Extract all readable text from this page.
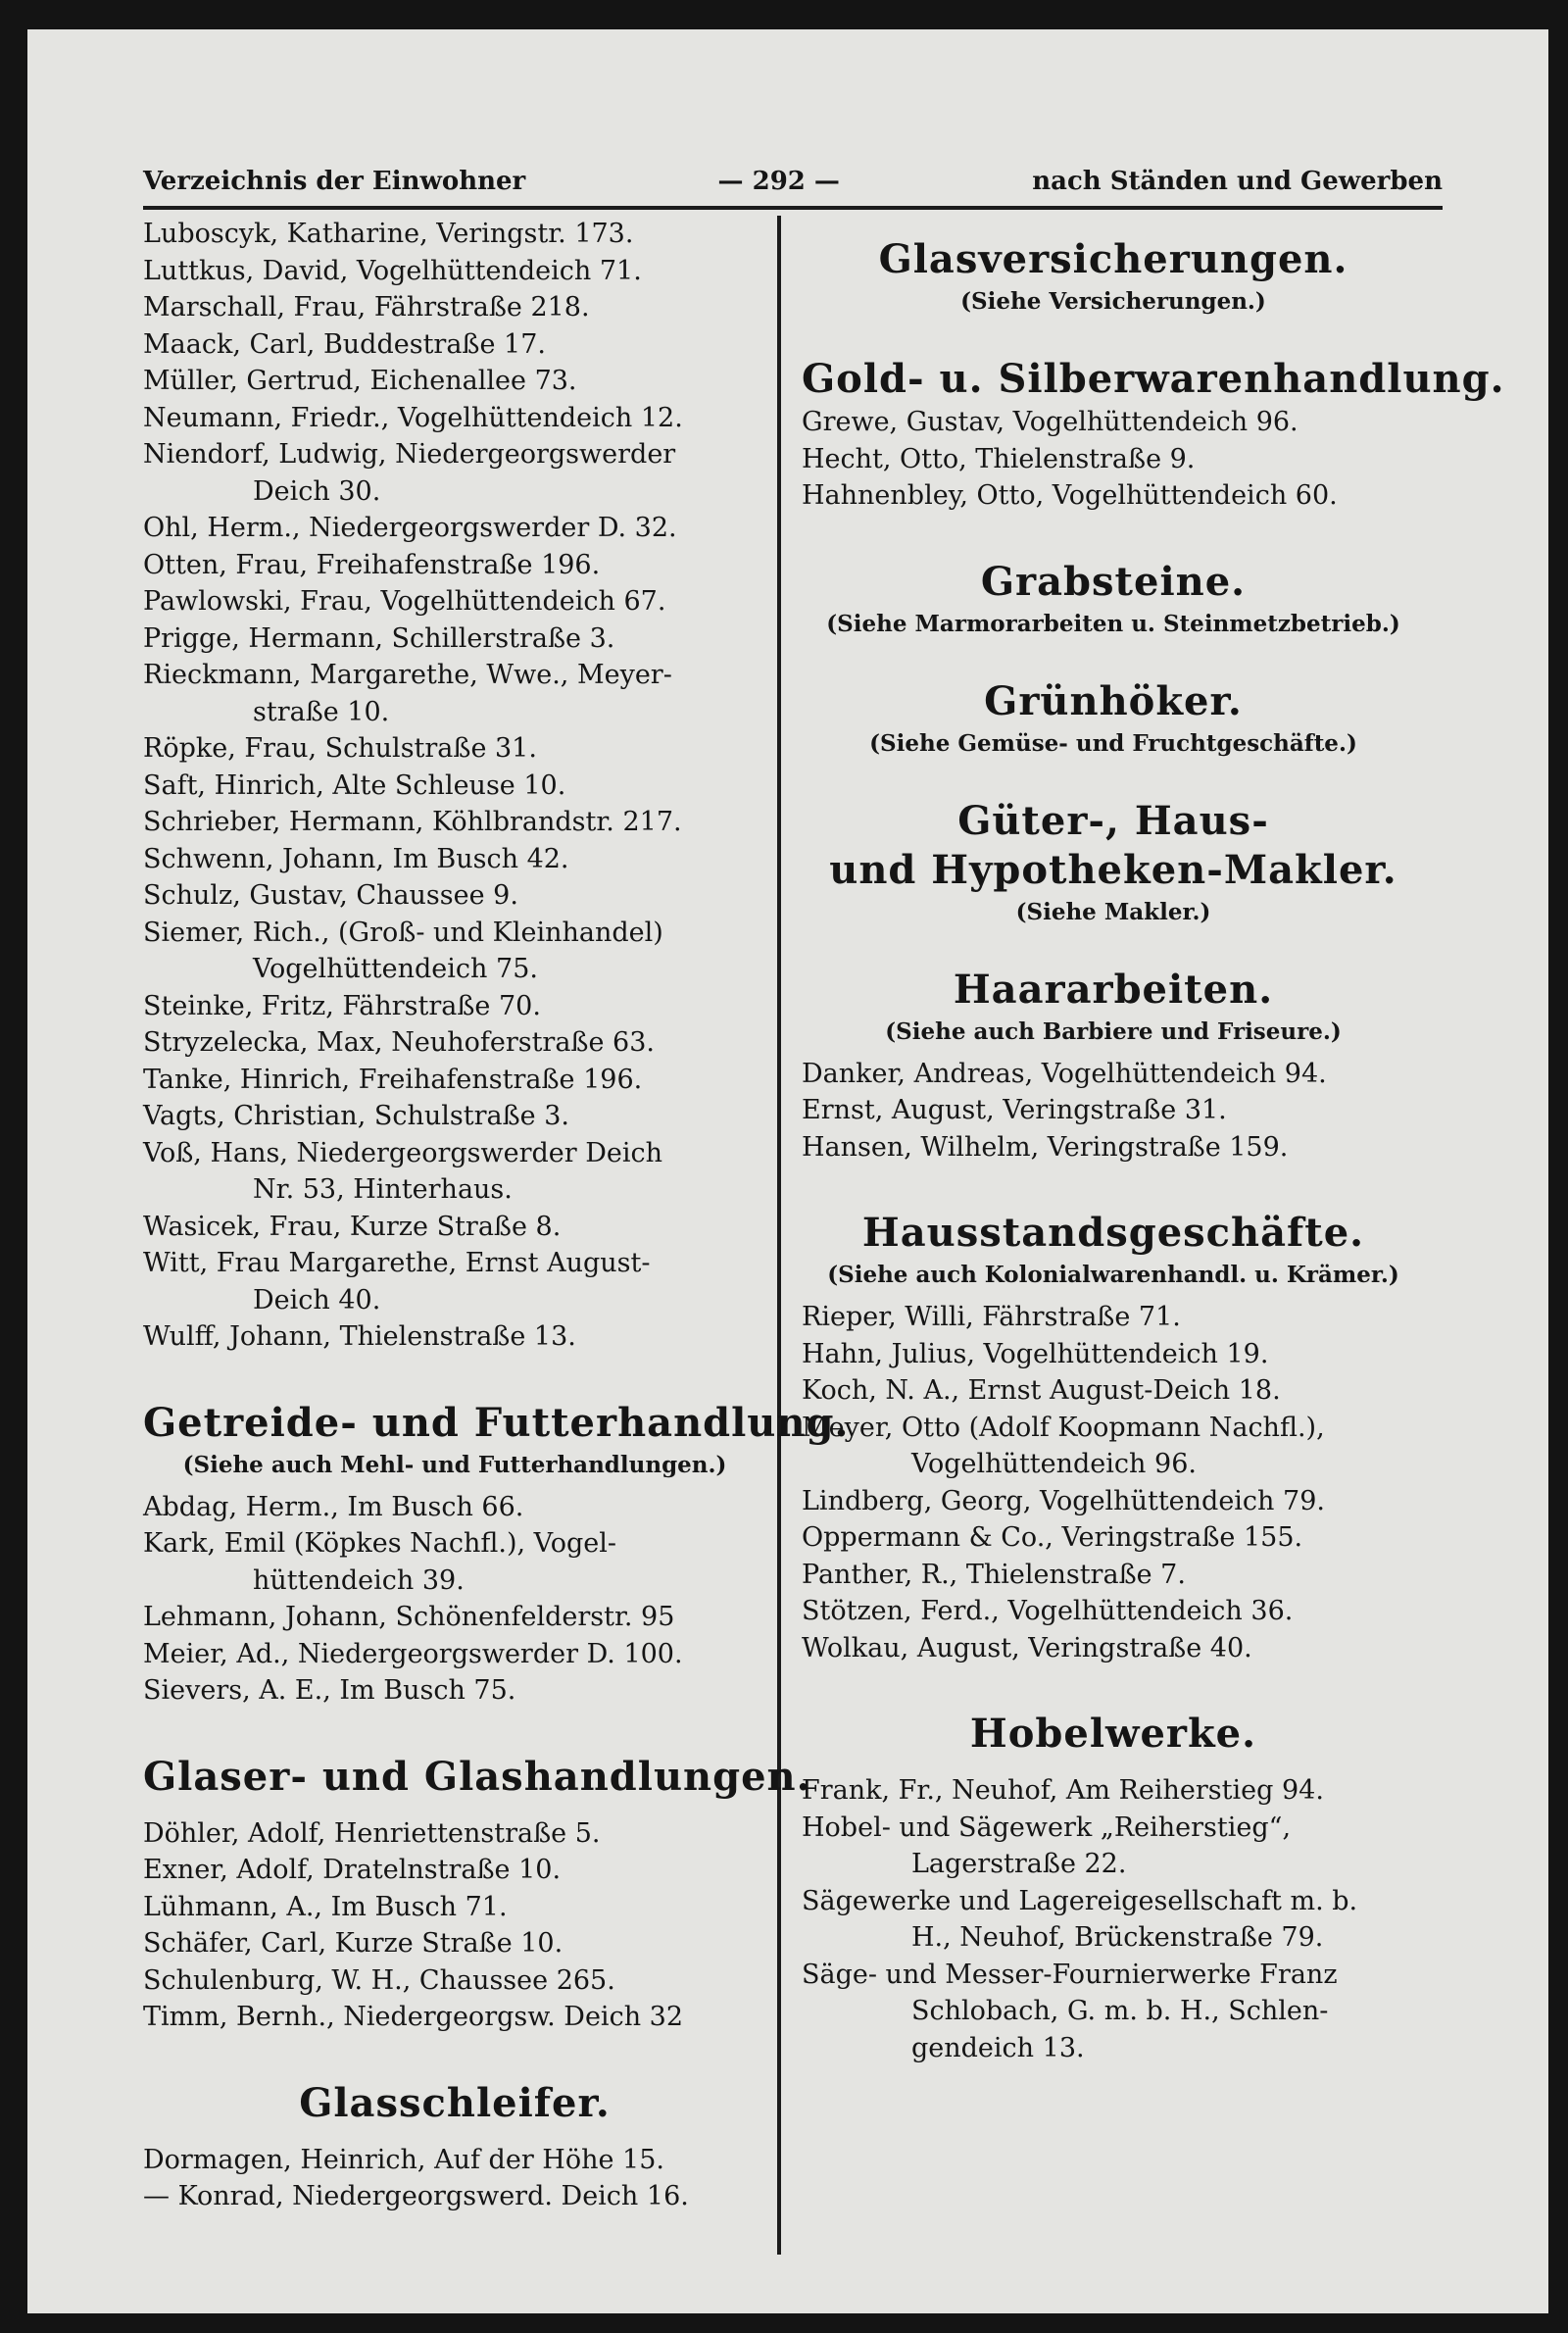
Verzeichnis der Einwohner	— 292 —	nach Ständen und Gewerben

Luboscyk, Katharine, Veringstr. 173.

Luttkus, David, Vogelhüttendeich 71.

Marschall, Frau, Fährstraße 218.

Maack, Carl, Buddestraße 17.

Müller, Gertrud, Eichenallee 73.

Neumann, Friedr., Vogelhüttendeich 12.

Niendorf, Ludwig, Niedergeorgswerder

Deich 30.

Ohl, Herm., Niedergeorgswerder D. 32.

Otten, Frau, Freihafenstraße 196.

Pawlowski, Frau, Vogelhüttendeich 67.

Prigge, Hermann, Schillerstraße 3.

Rieckmann, Margarethe, Wwe., Meyer-

straße 10.

Röpke, Frau, Schulstraße 31.

Saft, Hinrich, Alte Schleuse 10.

Schrieber, Hermann, Köhlbrandstr. 217.

Schwenn, Johann, Im Busch 42.

Schulz, Gustav, Chaussee 9.

Siemer, Rich., (Groß- und Kleinhandel)

Vogelhüttendeich 75.

Steinke, Fritz, Fährstraße 70.

Stryzelecka, Max, Neuhoferstraße 63.

Tanke, Hinrich, Freihafenstraße 196.

Vagts, Christian, Schulstraße 3.

Voß, Hans, Niedergeorgswerder Deich

Nr. 53, Hinterhaus.

Wasicek, Frau, Kurze Straße 8.

Witt, Frau Margarethe, Ernst August-

Deich 40.

Wulff, Johann, Thielenstraße 13.

Getreide- und Futterhandlung.

(Siehe auch Mehl- und Futterhandlungen.)

Abdag, Herm., Im Busch 66.

Kark, Emil (Köpkes Nachfl.), Vogel-

hüttendeich 39.

Lehmann, Johann, Schönenfelderstr. 95

Meier, Ad., Niedergeorgswerder D. 100.

Sievers, A. E., Im Busch 75.

Glaser- und Glashandlungen.

Döhler, Adolf, Henriettenstraße 5.

Exner, Adolf, Dratelnstraße 10.

Lühmann, A., Im Busch 71.

Schäfer, Carl, Kurze Straße 10.

Schulenburg, W. H., Chaussee 265.

Timm, Bernh., Niedergeorgsw. Deich 32

Glasschleifer.

Dormagen, Heinrich, Auf der Höhe 15.

— Konrad, Niedergeorgswerd. Deich 16.

Glasversicherungen.

(Siehe Versicherungen.)

Gold- u. Silberwarenhandlung.

Grewe, Gustav, Vogelhüttendeich 96.

Hecht, Otto, Thielenstraße 9.

Hahnenbley, Otto, Vogelhüttendeich 60.

Grabsteine.

(Siehe Marmorarbeiten u. Steinmetzbetrieb.)

Grünhöker.

(Siehe Gemüse- und Fruchtgeschäfte.)

Güter-, Haus-

und Hypotheken-Makler.

(Siehe Makler.)

Haararbeiten.

(Siehe auch Barbiere und Friseure.)

Danker, Andreas, Vogelhüttendeich 94.

Ernst, August, Veringstraße 31.

Hansen, Wilhelm, Veringstraße 159.

Hausstandsgeschäfte.

(Siehe auch Kolonialwarenhandl. u. Krämer.)

Rieper, Willi, Fährstraße 71.

Hahn, Julius, Vogelhüttendeich 19.

Koch, N. A., Ernst August-Deich 18.

Meyer, Otto (Adolf Koopmann Nachfl.),

Vogelhüttendeich 96.

Lindberg, Georg, Vogelhüttendeich 79.

Oppermann & Co., Veringstraße 155.

Panther, R., Thielenstraße 7.

Stötzen, Ferd., Vogelhüttendeich 36.

Wolkau, August, Veringstraße 40.

Hobelwerke.

Frank, Fr., Neuhof, Am Reiherstieg 94.

Hobel- und Sägewerk „Reiherstieg“,

Lagerstraße 22.

Sägewerke und Lagereigesellschaft m. b.

H., Neuhof, Brückenstraße 79.

Säge- und Messer-Fournierwerke Franz

Schlobach, G. m. b. H., Schlen-

gendeich 13.
